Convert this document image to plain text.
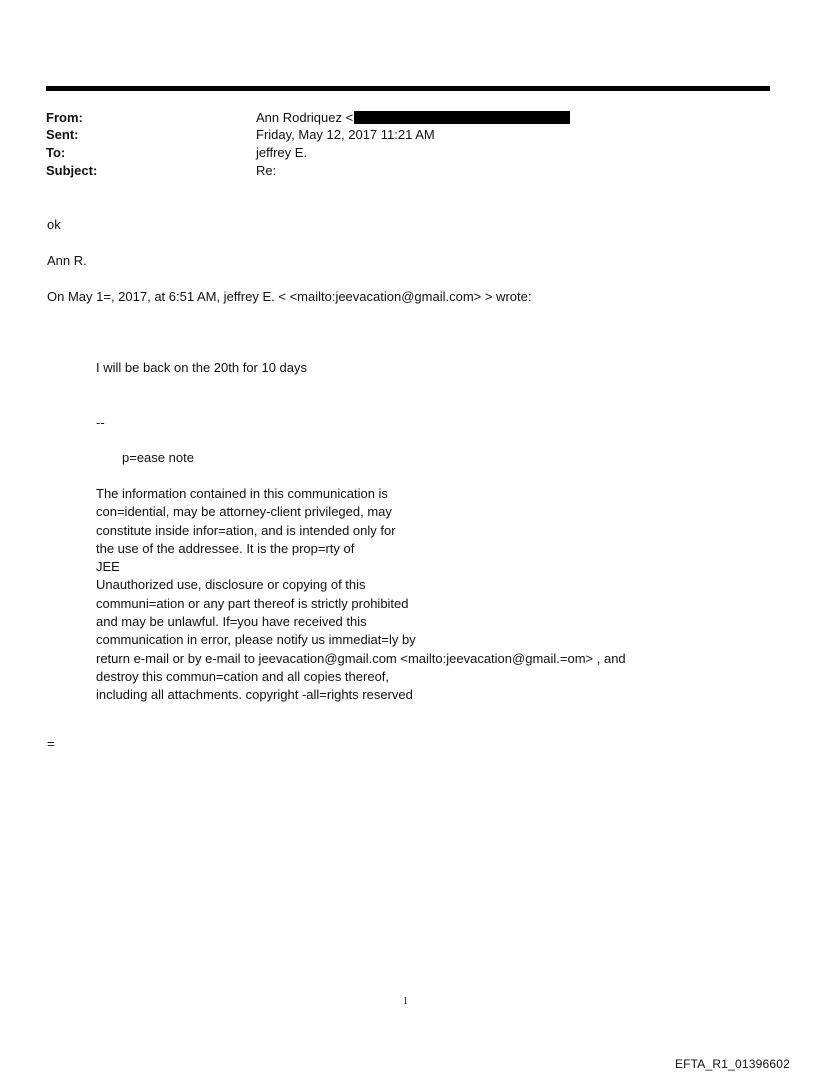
From:	Ann Rodriquez <
Sent:	Friday, May 12, 2017 11:21 AM
To:	jeffrey E.
Subject:	Re:
ok
Ann R.
On May 1=, 2017, at 6:51 AM, jeffrey E. < <mailto:jeevacation@gmail.com> > wrote:
I will be back on the 20th for 10 days
--
p=ease note
The information contained in this communication is
con=idential, may be attorney-client privileged, may
constitute inside infor=ation, and is intended only for
the use of the addressee. It is the prop=rty of
JEE
Unauthorized use, disclosure or copying of this
communi=ation or any part thereof is strictly prohibited
and may be unlawful. If=you have received this
communication in error, please notify us immediat=ly by
return e-mail or by e-mail to jeevacation@gmail.com <mailto:jeevacation@gmail.=om> , and
destroy this commun=cation and all copies thereof,
including all attachments. copyright -all=rights reserved
=
1
EFTA_R1_01396602
